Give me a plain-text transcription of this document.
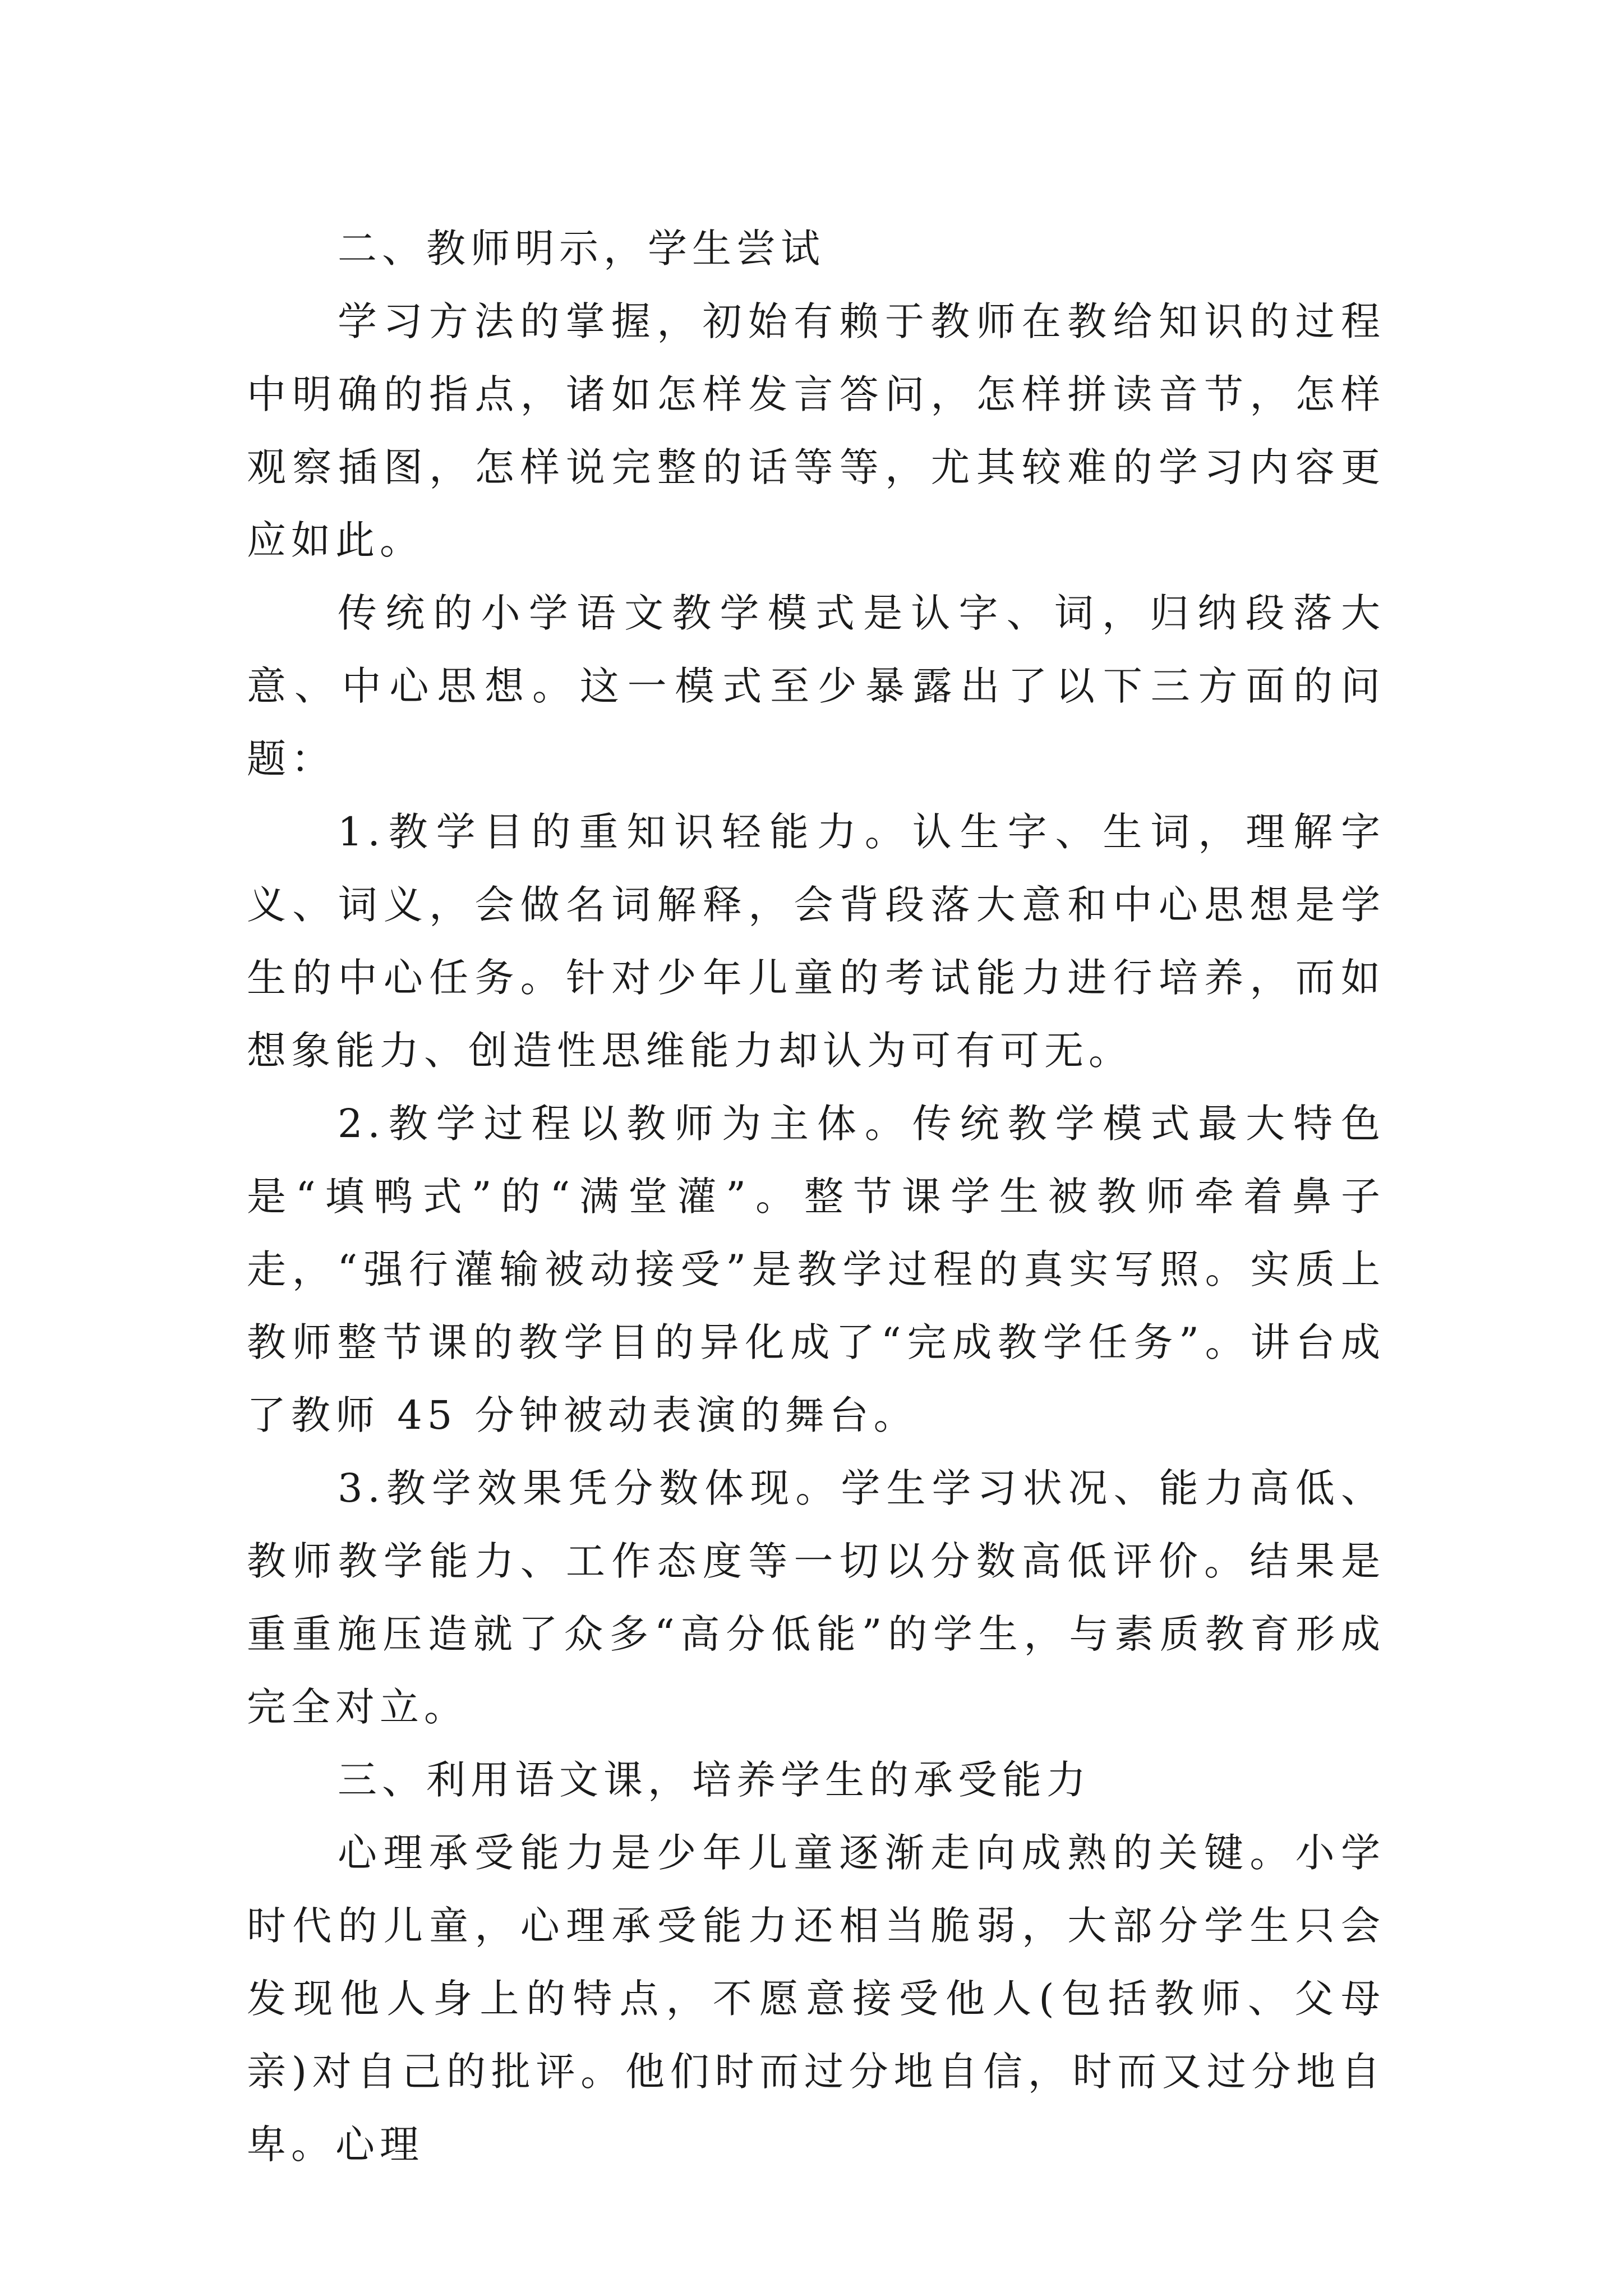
二、教师明示，学生尝试

学习方法的掌握，初始有赖于教师在教给知识的过程中明确的指点，诸如怎样发言答问，怎样拼读音节，怎样观察插图，怎样说完整的话等等，尤其较难的学习内容更应如此。

传统的小学语文教学模式是认字、词，归纳段落大意、中心思想。这一模式至少暴露出了以下三方面的问题：

1.教学目的重知识轻能力。认生字、生词，理解字义、词义，会做名词解释，会背段落大意和中心思想是学生的中心任务。针对少年儿童的考试能力进行培养，而如想象能力、创造性思维能力却认为可有可无。

2.教学过程以教师为主体。传统教学模式最大特色是“填鸭式”的“满堂灌”。整节课学生被教师牵着鼻子走，“强行灌输被动接受”是教学过程的真实写照。实质上教师整节课的教学目的异化成了“完成教学任务”。讲台成了教师 45 分钟被动表演的舞台。

3.教学效果凭分数体现。学生学习状况、能力高低、教师教学能力、工作态度等一切以分数高低评价。结果是重重施压造就了众多“高分低能”的学生，与素质教育形成完全对立。

三、利用语文课，培养学生的承受能力

心理承受能力是少年儿童逐渐走向成熟的关键。小学时代的儿童，心理承受能力还相当脆弱，大部分学生只会发现他人身上的特点，不愿意接受他人(包括教师、父母亲)对自己的批评。他们时而过分地自信，时而又过分地自卑。心理
